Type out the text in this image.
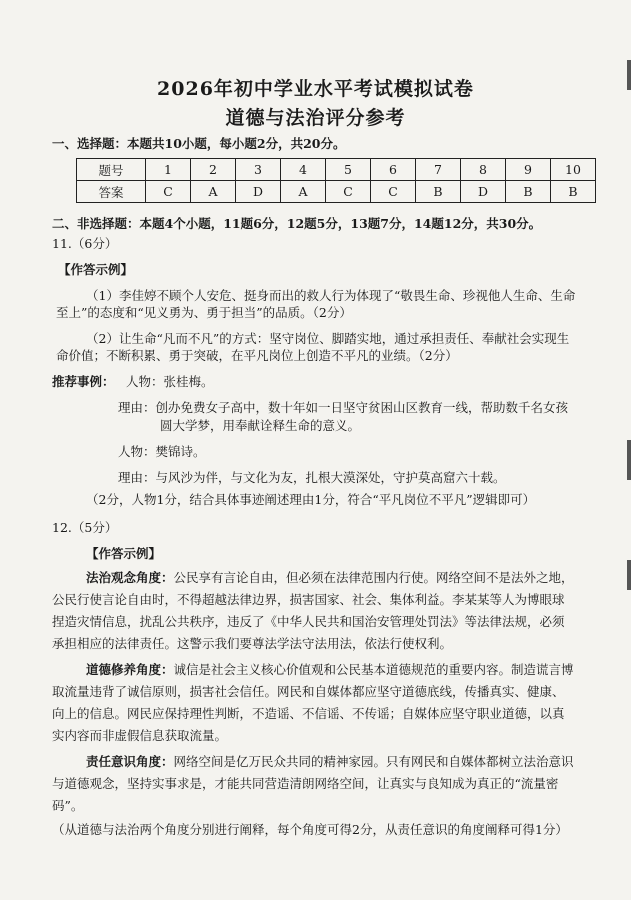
2026年初中学业水平考试模拟试卷
道德与法治评分参考
一、选择题：本题共10小题，每小题2分，共20分。
题号	1	2	3	4	5	6	7	8	9	10
答案	C	A	D	A	C	C	B	D	B	B
二、非选择题：本题4个小题，11题6分，12题5分，13题7分，14题12分，共30分。
11.（6分）
【作答示例】
（1）李佳婷不顾个人安危、挺身而出的救人行为体现了“敬畏生命、珍视他人生命、生命
至上”的态度和“见义勇为、勇于担当”的品质。（2分）
（2）让生命“凡而不凡”的方式：坚守岗位、脚踏实地，通过承担责任、奉献社会实现生
命价值；不断积累、勇于突破，在平凡岗位上创造不平凡的业绩。（2分）
推荐事例： 人物：张桂梅。
理由：创办免费女子高中，数十年如一日坚守贫困山区教育一线，帮助数千名女孩
圆大学梦，用奉献诠释生命的意义。
人物：樊锦诗。
理由：与风沙为伴，与文化为友，扎根大漠深处，守护莫高窟六十载。
（2分，人物1分，结合具体事迹阐述理由1分，符合“平凡岗位不平凡”逻辑即可）
12.（5分）
【作答示例】
法治观念角度：公民享有言论自由，但必须在法律范围内行使。网络空间不是法外之地，
公民行使言论自由时，不得超越法律边界，损害国家、社会、集体利益。李某某等人为博眼球
捏造灾情信息，扰乱公共秩序，违反了《中华人民共和国治安管理处罚法》等法律法规，必须
承担相应的法律责任。这警示我们要尊法学法守法用法，依法行使权利。
道德修养角度：诚信是社会主义核心价值观和公民基本道德规范的重要内容。制造谎言博
取流量违背了诚信原则，损害社会信任。网民和自媒体都应坚守道德底线，传播真实、健康、
向上的信息。网民应保持理性判断，不造谣、不信谣、不传谣；自媒体应坚守职业道德，以真
实内容而非虚假信息获取流量。
责任意识角度：网络空间是亿万民众共同的精神家园。只有网民和自媒体都树立法治意识
与道德观念，坚持实事求是，才能共同营造清朗网络空间，让真实与良知成为真正的“流量密
码”。
（从道德与法治两个角度分别进行阐释，每个角度可得2分，从责任意识的角度阐释可得1分）
